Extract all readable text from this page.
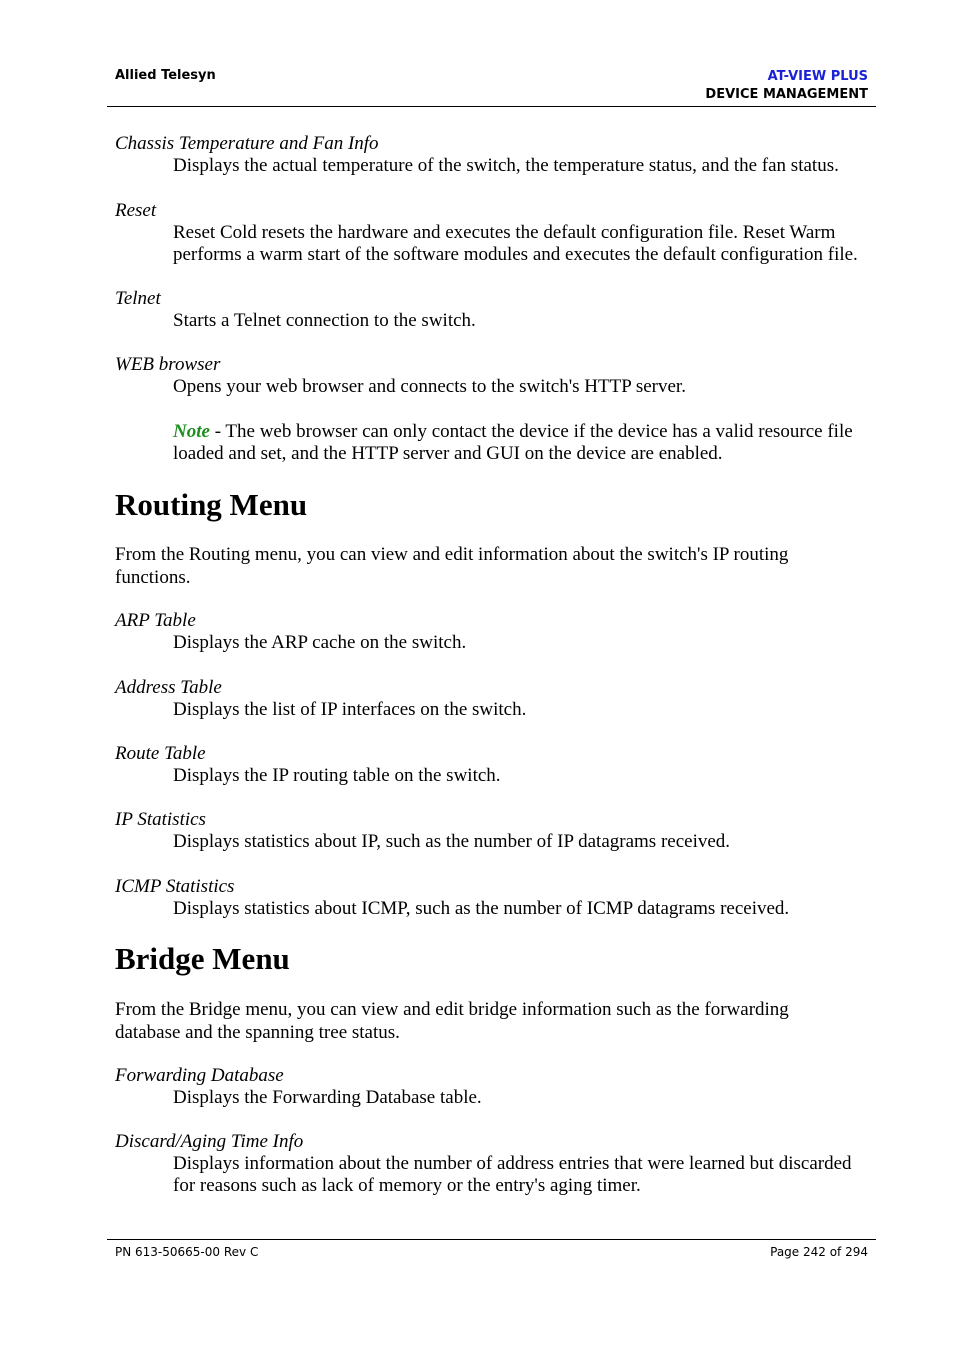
Allied Telesyn	AT-VIEW PLUS
DEVICE MANAGEMENT
Chassis Temperature and Fan Info
Displays the actual temperature of the switch, the temperature status, and the fan status.
Reset
Reset Cold resets the hardware and executes the default configuration file. Reset Warm performs a warm start of the software modules and executes the default configuration file.
Telnet
Starts a Telnet connection to the switch.
WEB browser
Opens your web browser and connects to the switch's HTTP server.
Note - The web browser can only contact the device if the device has a valid resource file loaded and set, and the HTTP server and GUI on the device are enabled.
Routing Menu
From the Routing menu, you can view and edit information about the switch's IP routing functions.
ARP Table
Displays the ARP cache on the switch.
Address Table
Displays the list of IP interfaces on the switch.
Route Table
Displays the IP routing table on the switch.
IP Statistics
Displays statistics about IP, such as the number of IP datagrams received.
ICMP Statistics
Displays statistics about ICMP, such as the number of ICMP datagrams received.
Bridge Menu
From the Bridge menu, you can view and edit bridge information such as the forwarding database and the spanning tree status.
Forwarding Database
Displays the Forwarding Database table.
Discard/Aging Time Info
Displays information about the number of address entries that were learned but discarded for reasons such as lack of memory or the entry's aging timer.
PN 613-50665-00 Rev C	Page 242 of 294
